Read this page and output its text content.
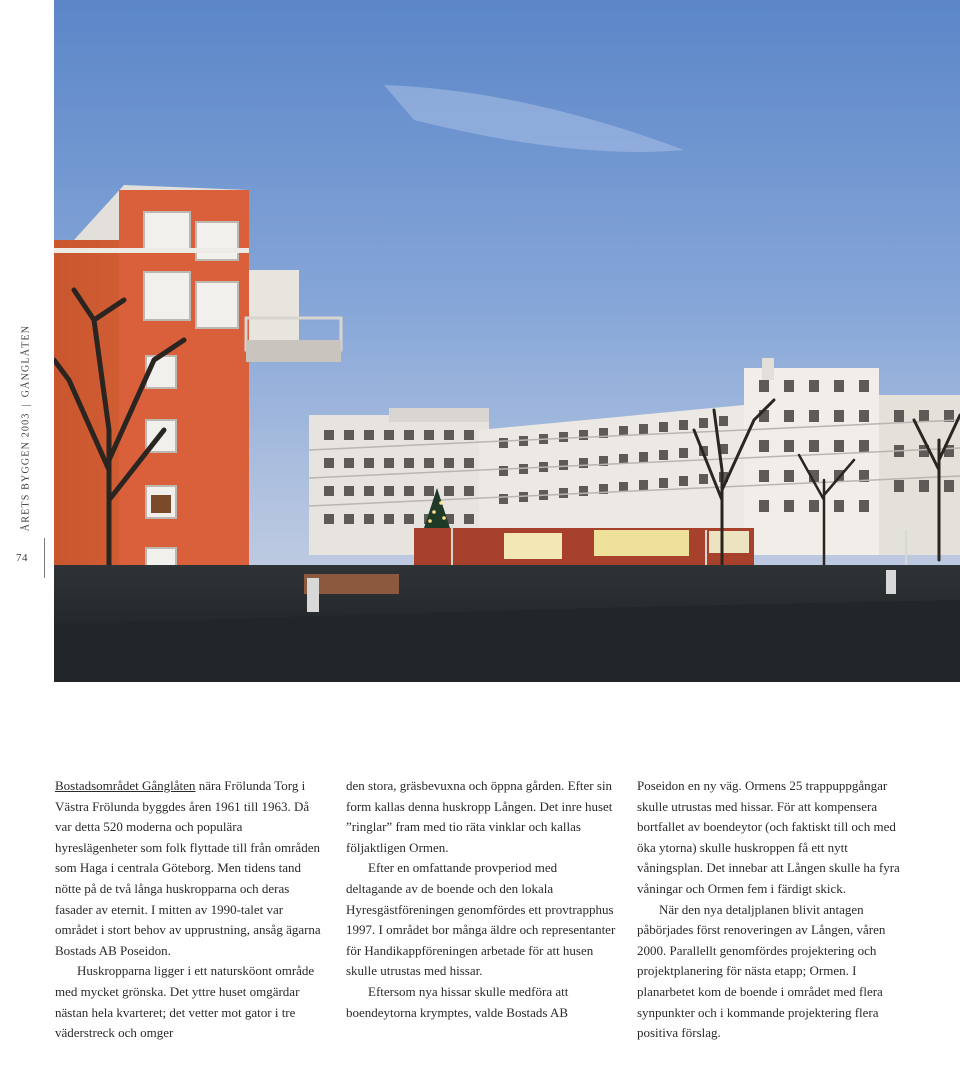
ÅRETS BYGGEN 2003|GÅNGLÅTEN
74

Bostadsområdet Gånglåten nära Frölunda Torg i Västra Frölunda byggdes åren 1961 till 1963. Då var detta 520 moderna och populära hyreslägenheter som folk flyttade till från områden som Haga i centrala Göteborg. Men tidens tand nötte på de två långa huskropparna och deras fasader av eternit. I mitten av 1990-talet var området i stort behov av upprustning, ansåg ägarna Bostads AB Poseidon.

Huskropparna ligger i ett natursköont område med mycket grönska. Det yttre huset omgärdar nästan hela kvarteret; det vetter mot gator i tre väderstreck och omger

den stora, gräsbevuxna och öppna gården. Efter sin form kallas denna huskropp Lången. Det inre huset ”ringlar” fram med tio räta vinklar och kallas följaktligen Ormen.

Efter en omfattande provperiod med deltagande av de boende och den lokala Hyresgästföreningen genomfördes ett provtrapphus 1997. I området bor många äldre och representanter för Handikappföreningen arbetade för att husen skulle utrustas med hissar.

Eftersom nya hissar skulle medföra att boendeytorna krymptes, valde Bostads AB

Poseidon en ny väg. Ormens 25 trappuppgångar skulle utrustas med hissar. För att kompensera bortfallet av boendeytor (och faktiskt till och med öka ytorna) skulle huskroppen få ett nytt våningsplan. Det innebar att Lången skulle ha fyra våningar och Ormen fem i färdigt skick.

När den nya detaljplanen blivit antagen påbörjades först renoveringen av Lången, våren 2000. Parallellt genomfördes projektering och projektplanering för nästa etapp; Ormen. I planarbetet kom de boende i området med flera synpunkter och i kommande projektering flera positiva förslag.
